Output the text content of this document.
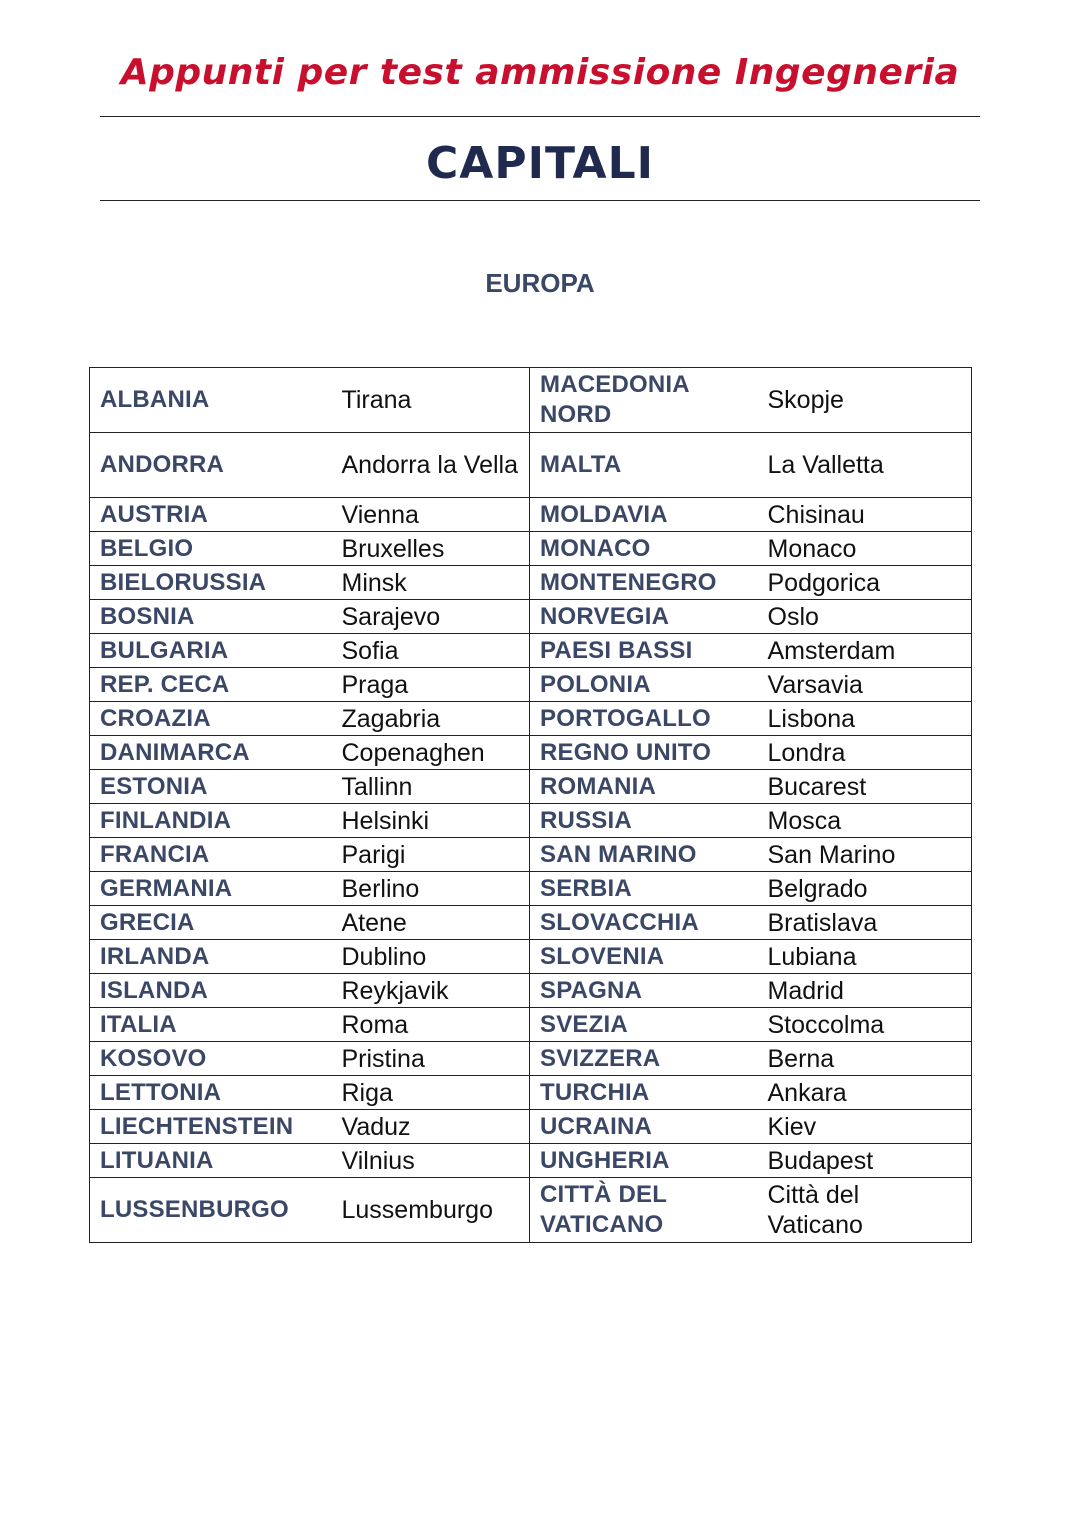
Appunti per test ammissione Ingegneria
CAPITALI
EUROPA
ALBANIA	Tirana	MACEDONIA NORD	Skopje
ANDORRA	Andorra la Vella	MALTA	La Valletta
AUSTRIA	Vienna	MOLDAVIA	Chisinau
BELGIO	Bruxelles	MONACO	Monaco
BIELORUSSIA	Minsk	MONTENEGRO	Podgorica
BOSNIA	Sarajevo	NORVEGIA	Oslo
BULGARIA	Sofia	PAESI BASSI	Amsterdam
REP. CECA	Praga	POLONIA	Varsavia
CROAZIA	Zagabria	PORTOGALLO	Lisbona
DANIMARCA	Copenaghen	REGNO UNITO	Londra
ESTONIA	Tallinn	ROMANIA	Bucarest
FINLANDIA	Helsinki	RUSSIA	Mosca
FRANCIA	Parigi	SAN MARINO	San Marino
GERMANIA	Berlino	SERBIA	Belgrado
GRECIA	Atene	SLOVACCHIA	Bratislava
IRLANDA	Dublino	SLOVENIA	Lubiana
ISLANDA	Reykjavik	SPAGNA	Madrid
ITALIA	Roma	SVEZIA	Stoccolma
KOSOVO	Pristina	SVIZZERA	Berna
LETTONIA	Riga	TURCHIA	Ankara
LIECHTENSTEIN	Vaduz	UCRAINA	Kiev
LITUANIA	Vilnius	UNGHERIA	Budapest
LUSSENBURGO	Lussemburgo	CITTÀ DEL VATICANO	Città del Vaticano
